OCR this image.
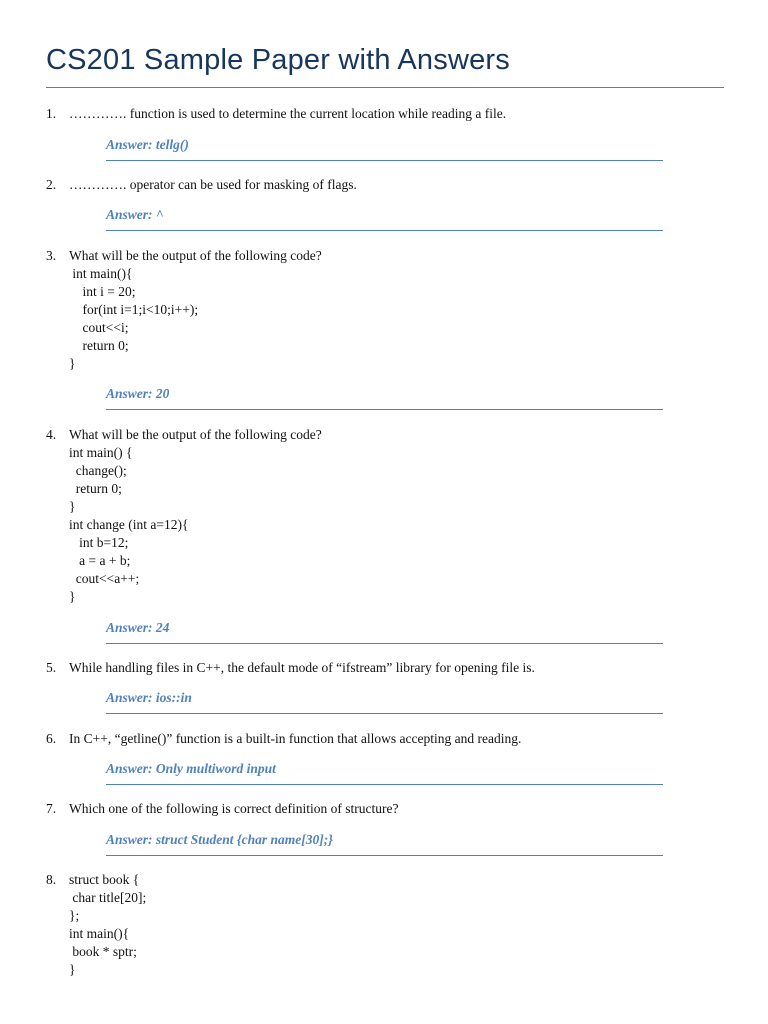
CS201 Sample Paper with Answers
1. …………. function is used to determine the current location while reading a file.
Answer: tellg()
2. …………. operator can be used for masking of flags.
Answer: ^
3. What will be the output of the following code?
int main(){
int i = 20;
for(int i=1;i<10;i++);
cout<<i;
return 0;
}
Answer: 20
4. What will be the output of the following code?
int main() {
change();
return 0;
}
int change (int a=12){
int b=12;
a = a + b;
cout<<a++;
}
Answer: 24
5. While handling files in C++, the default mode of “ifstream” library for opening file is.
Answer: ios::in
6. In C++, “getline()” function is a built-in function that allows accepting and reading.
Answer: Only multiword input
7. Which one of the following is correct definition of structure?
Answer: struct Student {char name[30];}
8. struct book {
char title[20];
};
int main(){
book * sptr;
}
